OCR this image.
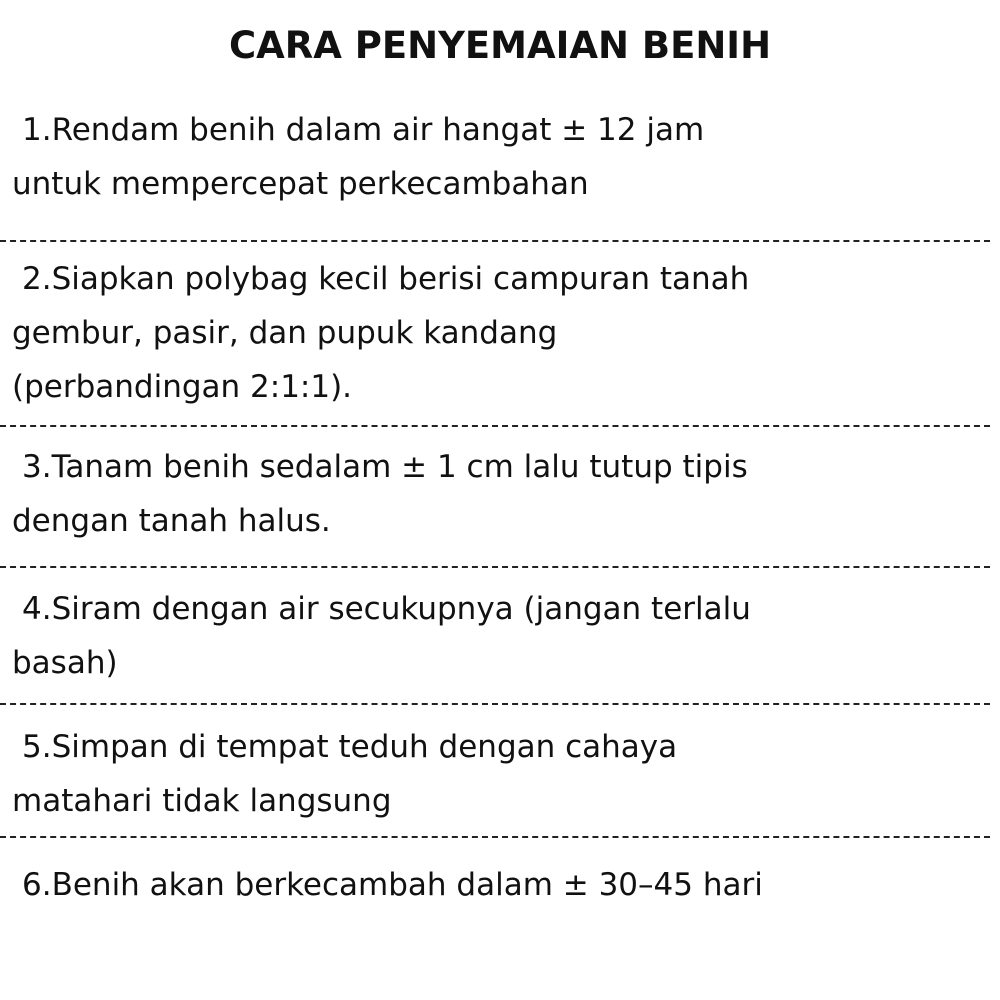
CARA PENYEMAIAN BENIH
1.Rendam benih dalam air hangat ± 12 jam
untuk mempercepat perkecambahan
2.Siapkan polybag kecil berisi campuran tanah
gembur, pasir, dan pupuk kandang
(perbandingan 2:1:1).
3.Tanam benih sedalam ± 1 cm lalu tutup tipis
dengan tanah halus.
4.Siram dengan air secukupnya (jangan terlalu
basah)
5.Simpan di tempat teduh dengan cahaya
matahari tidak langsung
6.Benih akan berkecambah dalam ± 30–45 hari
